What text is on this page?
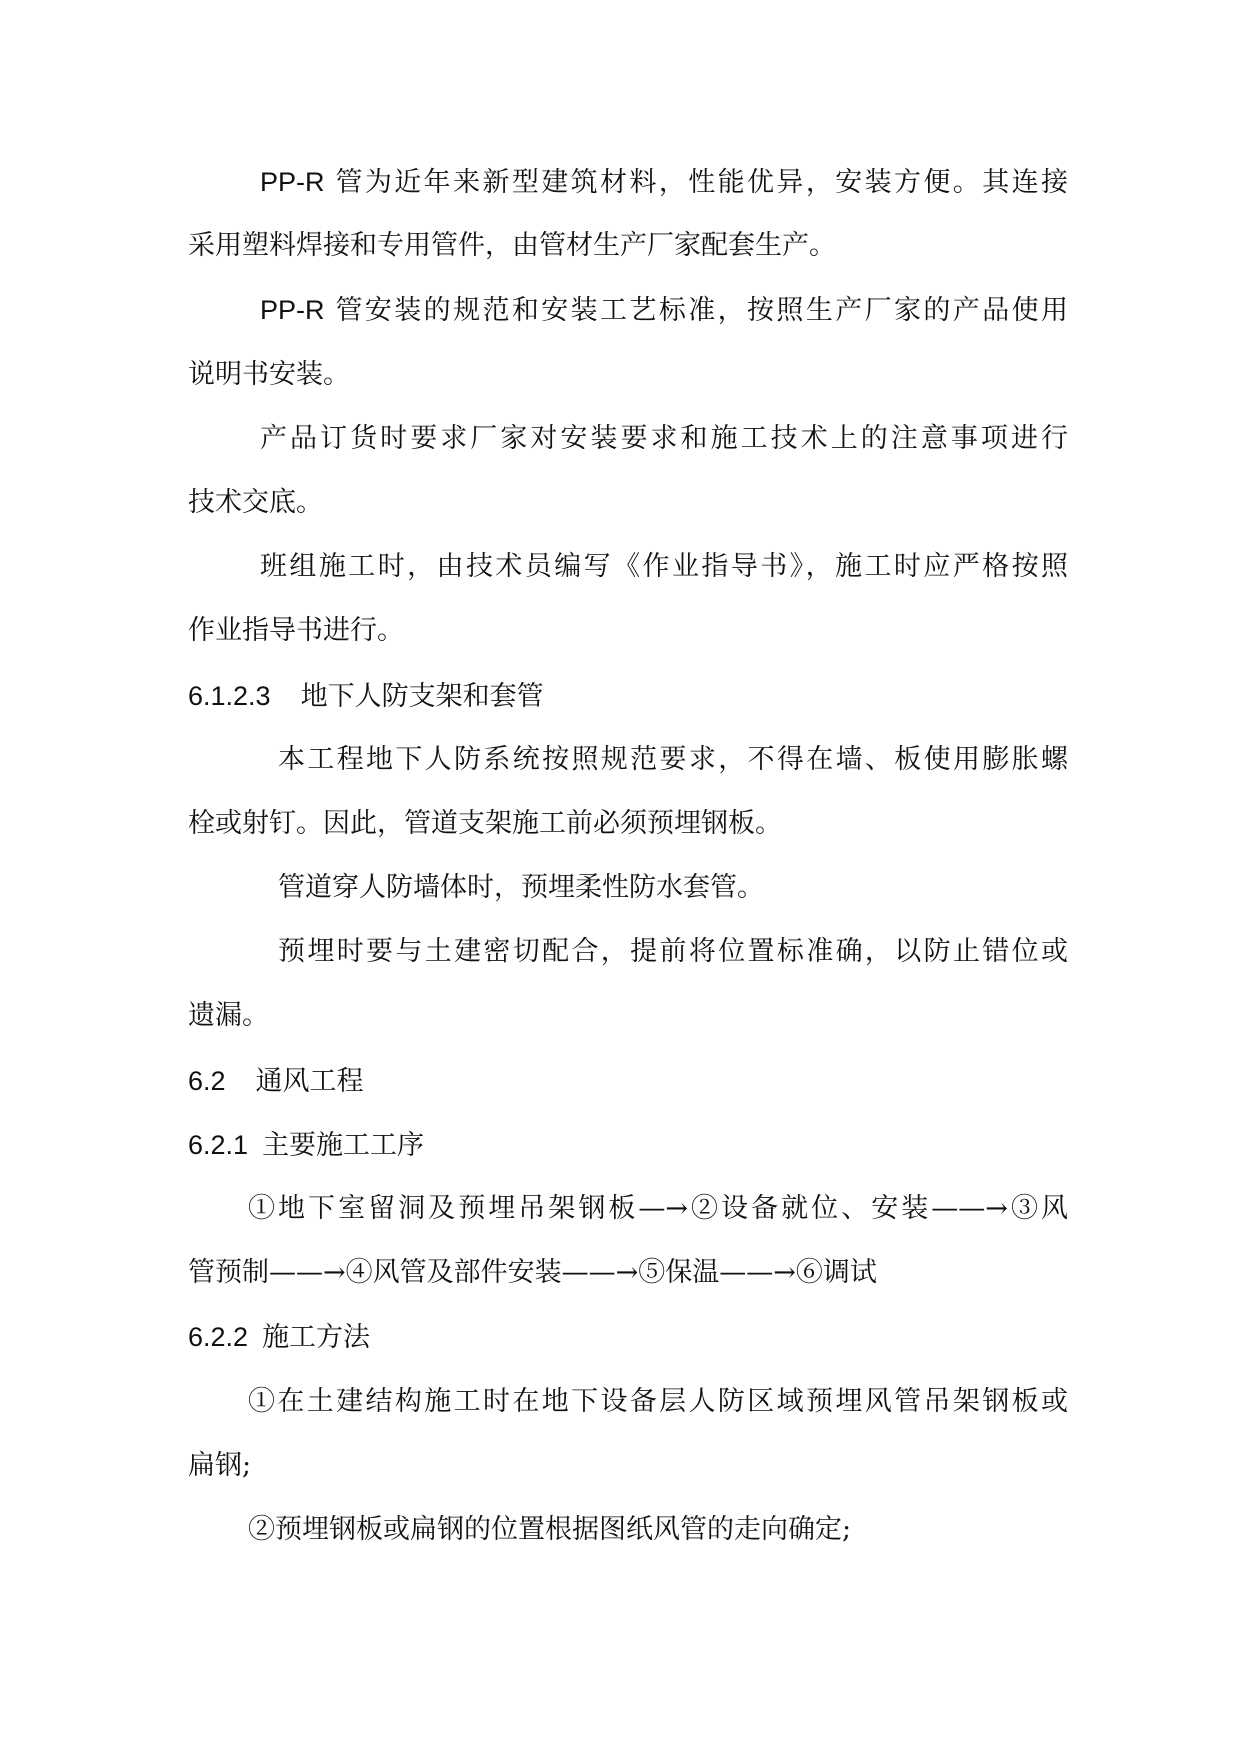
PP-R 管为近年来新型建筑材料，性能优异，安装方便。其连接
采用塑料焊接和专用管件，由管材生产厂家配套生产。
PP-R 管安装的规范和安装工艺标准，按照生产厂家的产品使用
说明书安装。
产品订货时要求厂家对安装要求和施工技术上的注意事项进行
技术交底。
班组施工时，由技术员编写《作业指导书》，施工时应严格按照
作业指导书进行。
6.1.2.3 地下人防支架和套管
本工程地下人防系统按照规范要求，不得在墙、板使用膨胀螺
栓或射钉。因此，管道支架施工前必须预埋钢板。
管道穿人防墙体时，预埋柔性防水套管。
预埋时要与土建密切配合，提前将位置标准确，以防止错位或
遗漏。
6.2 通风工程
6.2.1 主要施工工序
①地下室留洞及预埋吊架钢板—→②设备就位、安装——→③风
管预制——→④风管及部件安装——→⑤保温——→⑥调试
6.2.2 施工方法
①在土建结构施工时在地下设备层人防区域预埋风管吊架钢板或
扁钢;
②预埋钢板或扁钢的位置根据图纸风管的走向确定;
